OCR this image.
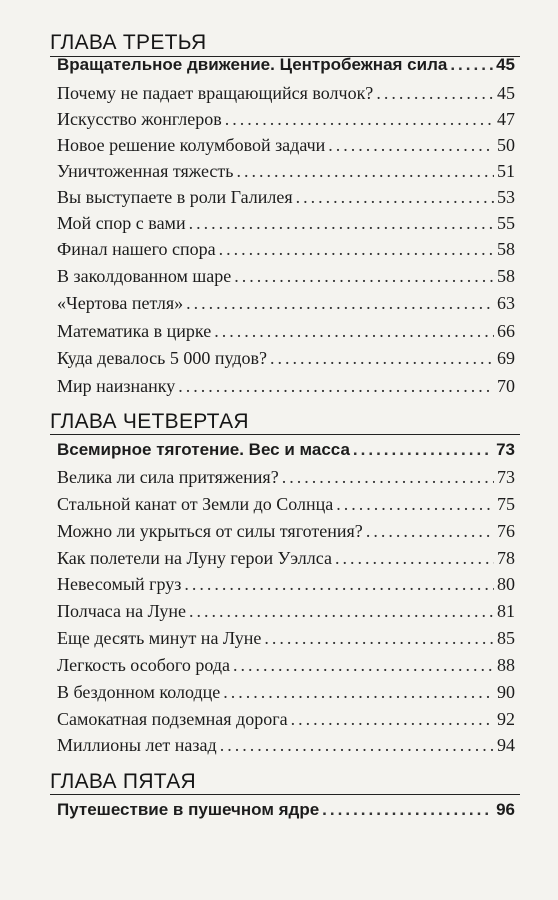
ГЛАВА ТРЕТЬЯ
Вращательное движение. Центробежная сила .....	45
Почему не падает вращающийся волчок? .....	45
Искусство жонглеров .....	47
Новое решение колумбовой задачи .....	50
Уничтоженная тяжесть .....	51
Вы выступаете в роли Галилея .....	53
Мой спор с вами .....	55
Финал нашего спора .....	58
В заколдованном шаре .....	58
«Чертова петля» .....	63
Математика в цирке .....	66
Куда девалось 5 000 пудов? .....	69
Мир наизнанку .....	70
ГЛАВА ЧЕТВЕРТАЯ
Всемирное тяготение. Вес и масса .....	73
Велика ли сила притяжения? .....	73
Стальной канат от Земли до Солнца .....	75
Можно ли укрыться от силы тяготения? .....	76
Как полетели на Луну герои Уэллса .....	78
Невесомый груз .....	80
Полчаса на Луне .....	81
Еще десять минут на Луне .....	85
Легкость особого рода .....	88
В бездонном колодце .....	90
Самокатная подземная дорога .....	92
Миллионы лет назад .....	94
ГЛАВА ПЯТАЯ
Путешествие в пушечном ядре .....	96
